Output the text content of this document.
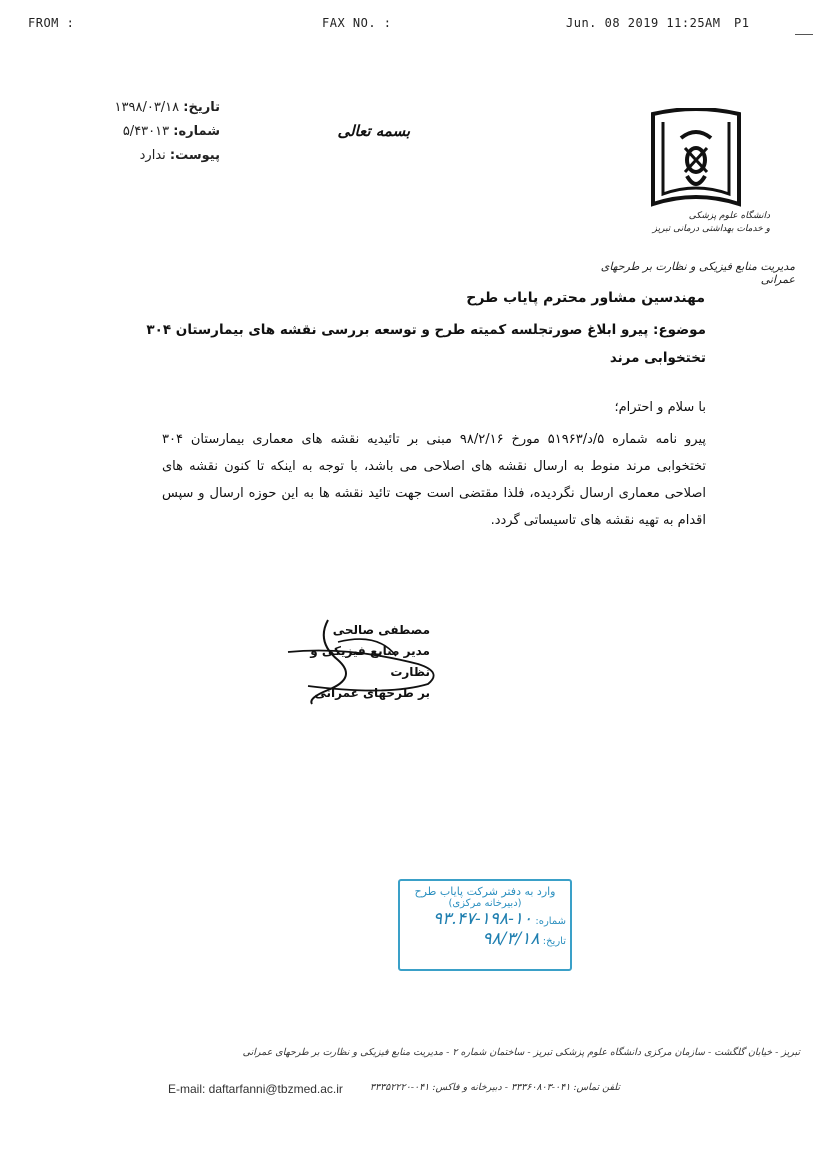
FROM :	FAX NO. :	Jun. 08 2019 11:25AM P1
تاریخ: ۱۳۹۸/۰۳/۱۸
شماره: ۵/۴۳۰۱۳
پیوست: ندارد
بسمه تعالی
دانشگاه علوم پزشکی
و خدمات بهداشتی درمانی تبریز
مدیریت منابع فیزیکی و نظارت بر طرحهای عمرانی
مهندسین مشاور محترم پایاب طرح
موضوع: پیرو ابلاغ صورتجلسه کمیته طرح و توسعه بررسی نقشه های بیمارستان ۳۰۴
تختخوابی مرند
با سلام و احترام؛
پیرو نامه شماره ۵/د/۵۱۹۶۳ مورخ ۹۸/۲/۱۶ مبنی بر تائیدیه نقشه های معماری بیمارستان ۳۰۴ تختخوابی مرند منوط به ارسال نقشه های اصلاحی می باشد، با توجه به اینکه تا کنون نقشه های اصلاحی معماری ارسال نگردیده، فلذا مقتضی است جهت تائید نقشه ها به این حوزه ارسال و سپس اقدام به تهیه نقشه های تاسیساتی گردد.
مصطفی صالحی
مدیر منابع فیزیکی و نظارت
بر طرحهای عمرانی
وارد به دفتر شرکت پایاب طرح
(دبیرخانه مرکزی)
شماره: ۱۰-۱۹۸-۹۳.۴۷
تاریخ: ۹۸/۳/۱۸
تبریز - خیابان گلگشت - سازمان مرکزی دانشگاه علوم پزشکی تبریز - ساختمان شماره ۲ - مدیریت منابع فیزیکی و نظارت بر طرحهای عمرانی
E-mail: daftarfanni@tbzmed.ac.ir	تلفن تماس: ۰۴۱-۳۳۳۶۰۸۰۳ - دبیرخانه و فاکس: ۰۴۱-۳۳۳۵۲۲۲۰
